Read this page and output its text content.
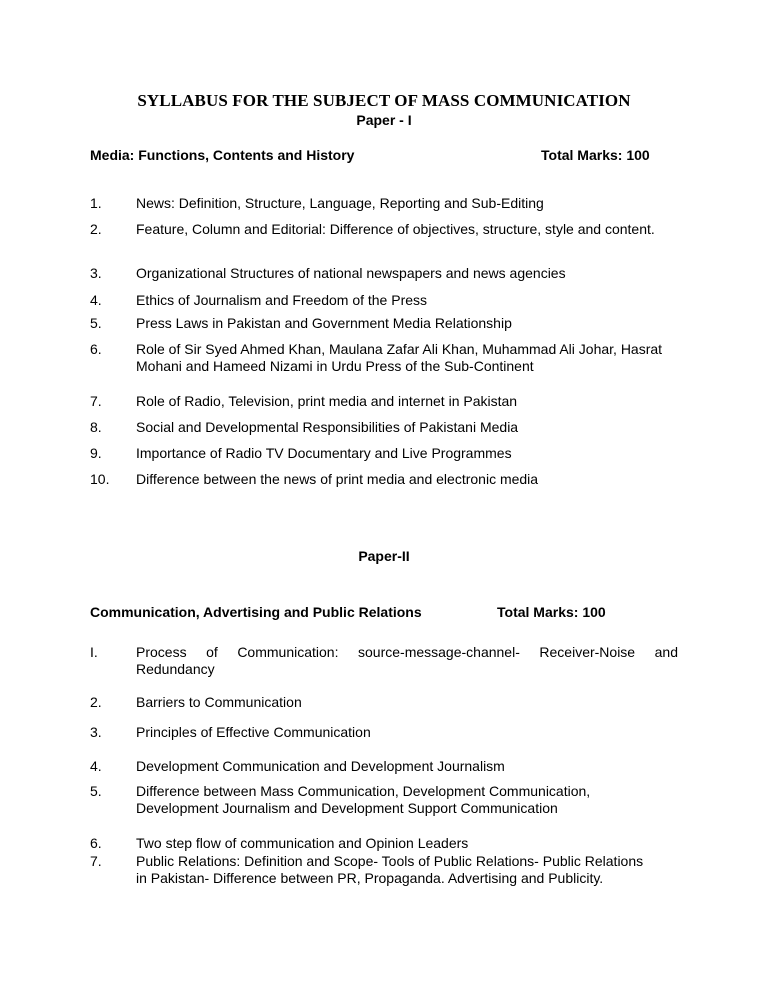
SYLLABUS FOR THE SUBJECT OF MASS COMMUNICATION
Paper - I
Media: Functions, Contents and History	Total Marks: 100
1. News: Definition, Structure, Language, Reporting and Sub-Editing
2. Feature, Column and Editorial: Difference of objectives, structure, style and content.
3. Organizational Structures of national newspapers and news agencies
4. Ethics of Journalism and Freedom of the Press
5. Press Laws in Pakistan and Government Media Relationship
6. Role of Sir Syed Ahmed Khan, Maulana Zafar Ali Khan, Muhammad Ali Johar, Hasrat Mohani and Hameed Nizami in Urdu Press of the Sub-Continent
7. Role of Radio, Television, print media and internet in Pakistan
8. Social and Developmental Responsibilities of Pakistani Media
9. Importance of Radio TV Documentary and Live Programmes
10. Difference between the news of print media and electronic media
Paper-II
Communication, Advertising and Public Relations	Total Marks: 100
I.	Process of Communication: source-message-channel- Receiver-Noise and Redundancy
2. Barriers to Communication
3. Principles of Effective Communication
4. Development Communication and Development Journalism
5. Difference between Mass Communication, Development Communication, Development Journalism and Development Support Communication
6. Two step flow of communication and Opinion Leaders
7. Public Relations: Definition and Scope- Tools of Public Relations- Public Relations in Pakistan- Difference between PR, Propaganda. Advertising and Publicity.
